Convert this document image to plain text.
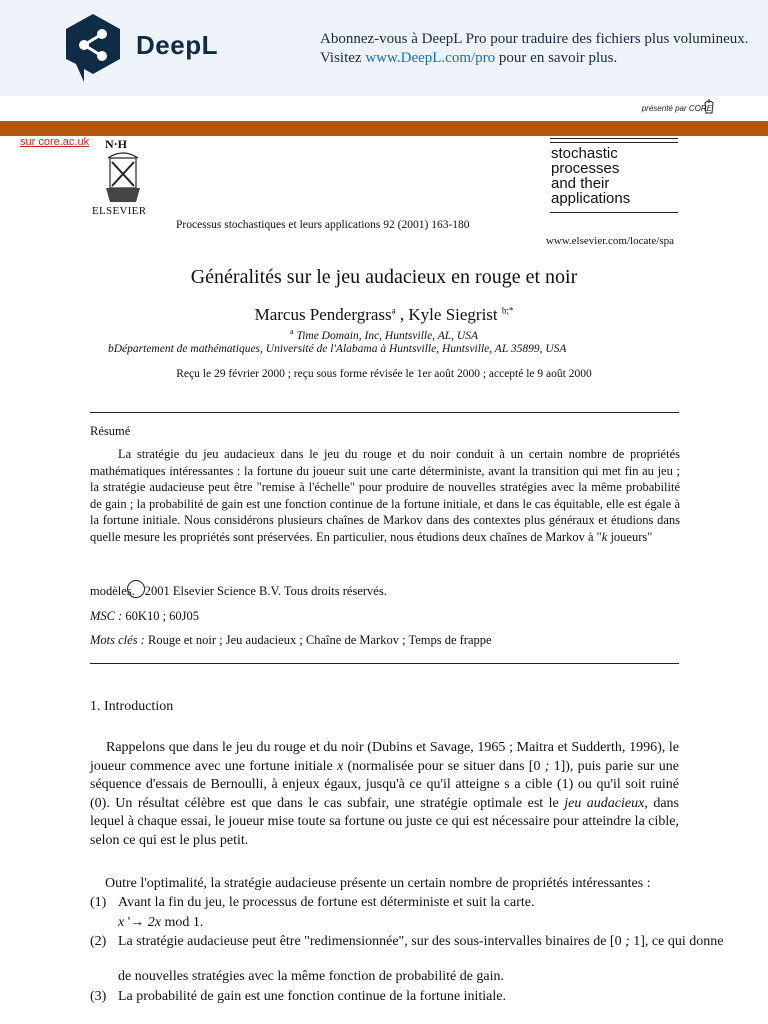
DeepL	Abonnez-vous à DeepL Pro pour traduire des fichiers plus volumineux.
Visitez www.DeepL.com/pro pour en savoir plus.
présenté par CORE
fourni par Elsevier - Editeur Connecteur
sur core.ac.uk N·H
ELSEVIER
stochastic
processes
and their
applications
Processus stochastiques et leurs applications 92 (2001) 163-180
www.elsevier.com/locate/spa
Généralités sur le jeu audacieux en rouge et noir
Marcus Pendergrass$^a$ , Kyle Siegrist $^{b;*}$
$^a$ Time Domain, Inc, Huntsville, AL, USA
bDépartement de mathématiques, Université de l'Alabama à Huntsville, Huntsville, AL 35899, USA
Reçu le 29 février 2000 ; reçu sous forme révisée le 1er août 2000 ; accepté le 9 août 2000
Résumé
La stratégie du jeu audacieux dans le jeu du rouge et du noir conduit à un certain nombre de propriétés mathématiques intéressantes : la fortune du joueur suit une carte déterministe, avant la transition qui met fin au jeu ; la stratégie audacieuse peut être "remise à l'échelle" pour produire de nouvelles stratégies avec la même probabilité de gain ; la probabilité de gain est une fonction continue de la fortune initiale, et dans le cas équitable, elle est égale à la fortune initiale. Nous considérons plusieurs chaînes de Markov dans des contextes plus généraux et étudions dans quelle mesure les propriétés sont préservées. En particulier, nous étudions deux chaînes de Markov à "k joueurs"
modèles. 2001 Elsevier Science B.V. Tous droits réservés.
MSC : 60K10 ; 60J05
Mots clés : Rouge et noir ; Jeu audacieux ; Chaîne de Markov ; Temps de frappe
1. Introduction
Rappelons que dans le jeu du rouge et du noir (Dubins et Savage, 1965 ; Maitra et Sudderth, 1996), le joueur commence avec une fortune initiale x (normalisée pour se situer dans [0 ; 1]), puis parie sur une séquence d'essais de Bernoulli, à enjeux égaux, jusqu'à ce qu'il atteigne s a cible (1) ou qu'il soit ruiné (0). Un résultat célèbre est que dans le cas subfair, une stratégie optimale est le jeu audacieux, dans lequel à chaque essai, le joueur mise toute sa fortune ou juste ce qui est nécessaire pour atteindre la cible, selon ce qui est le plus petit.
Outre l'optimalité, la stratégie audacieuse présente un certain nombre de propriétés intéressantes :
(1) Avant la fin du jeu, le processus de fortune est déterministe et suit la carte.
x '→ 2x mod 1.
(2) La stratégie audacieuse peut être "redimensionnée", sur des sous-intervalles binaires de [0 ; 1], ce qui donne
de nouvelles stratégies avec la même fonction de probabilité de gain.
(3) La probabilité de gain est une fonction continue de la fortune initiale.
